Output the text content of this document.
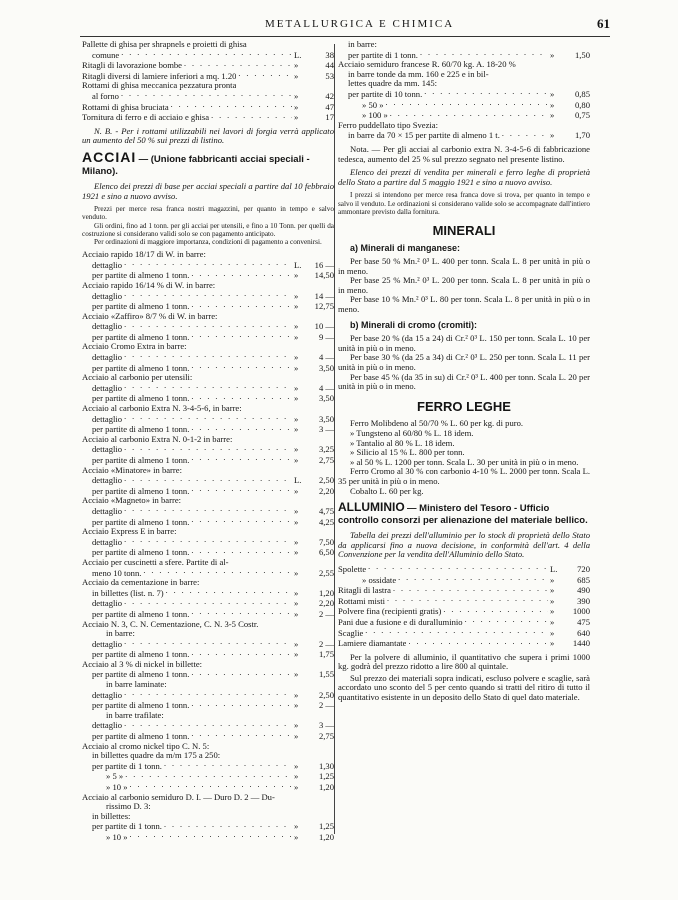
METALLURGICA E CHIMICA	61
Pallette di ghisa per shrapnels e proietti di ghisa
comune . . .	L.	38
Ritagli di lavorazione bombe . . .	»	44
Ritagli diversi di lamiere inferiori a mq. 1.20 . . .	»	53
Rottami di ghisa meccanica pezzatura pronta
al forno . . .	»	42
Rottami di ghisa bruciata . . .	»	47
Tornitura di ferro e di acciaio e ghisa . . .	»	17
N. B. - Per i rottami utilizzabili nei lavori di forgia verrà applicato un aumento del 50 % sui prezzi di listino.
ACCIAI — (Unione fabbricanti acciai speciali - Milano).
Elenco dei prezzi di base per acciai speciali a partire dal 10 febbraio 1921 e sino a nuovo avviso.
Prezzi per merce resa franca nostri magazzini, per quanto in tempo e salvo venduto.
Gli ordini, fino ad 1 tonn. per gli acciai per utensili, e fino a 10 Tonn. per quelli da costruzione si considerano validi solo se con pagamento anticipato.
Per ordinazioni di maggiore importanza, condizioni di pagamento a convenirsi.
Acciaio rapido 18/17 di W. in barre:
dettaglio . . .	L.	16 —
per partite di almeno 1 tonn. . . .	»	14,50
Acciaio rapido 16/14 % di W. in barre:
dettaglio . . .	»	14 —
per partite di almeno 1 tonn. . . .	»	12,75
Acciaio «Zaffiro» 8/7 % di W. in barre:
dettaglio . . .	»	10 —
per partite di almeno 1 tonn. . . .	»	9 —
Acciaio Cromo Extra in barre:
dettaglio . . .	»	4 —
per partite di almeno 1 tonn. . . .	»	3,50
Acciaio al carbonio per utensili:
dettaglio . . .	»	4 —
per partite di almeno 1 tonn. . . .	»	3,50
Acciaio al carbonio Extra N. 3-4-5-6, in barre:
dettaglio . . .	»	3,50
per partite di almeno 1 tonn. . . .	»	3 —
Acciaio al carbonio Extra N. 0-1-2 in barre:
dettaglio . . .	»	3,25
per partite di almeno 1 tonn. . . .	»	2,75
Acciaio «Minatore» in barre:
dettaglio . . .	L.	2,50
per partite di almeno 1 tonn. . . .	»	2,20
Acciaio «Magneto» in barre:
dettaglio . . .	»	4,75
per partite di almeno 1 tonn. . . .	»	4,25
Acciaio Express E in barre:
dettaglio . . .	»	7,50
per partite di almeno 1 tonn. . . .	»	6,50
Acciaio per cuscinetti a sfere. Partite di al-
meno 10 tonn. . . .	»	2,55
Acciaio da cementazione in barre:
in billettes (list. n. 7) . . .	»	1,20
dettaglio . . .	»	2,20
per partite di almeno 1 tonn. . . .	»	2 —
Acciaio N. 3, C. N. Cementazione, C. N. 3-5 Costr.
in barre:
dettaglio . . .	»	2 —
per partite di almeno 1 tonn. . . .	»	1,75
Acciaio al 3 % di nickel in billette:
per partite di almeno 1 tonn. . . .	»	1,55
in barre laminate:
dettaglio . . .	»	2,50
per partite di almeno 1 tonn. . . .	»	2 —
in barre trafilate:
dettaglio . . .	»	3 —
per partite di almeno 1 tonn. . . .	»	2,75
Acciaio al cromo nickel tipo C. N. 5:
in billettes quadre da m/m 175 a 250:
per partite di 1 tonn. . . .	»	1,30
» 5 » . . .	»	1,25
» 10 » . . .	»	1,20
Acciaio al carbonio semiduro D. I. — Duro D. 2 — Du-
rissimo D. 3:
in billettes:
per partite di 1 tonn. . . .	»	1,25
» 10 » . . .	»	1,20
in barre:
per partite di 1 tonn. . . .	»	1,50
Acciaio semiduro francese R. 60/70 kg. A. 18-20 %
in barre tonde da mm. 160 e 225 e in bil-
lettes quadre da mm. 145:
per partite di 10 tonn. . . .	»	0,85
» 50 » . . .	»	0,80
» 100 » . . .	»	0,75
Ferro puddellato tipo Svezia:
in barre da 70 × 15 per partite di almeno 1 t. . . .	»	1,70
Nota. — Per gli acciai al carbonio extra N. 3-4-5-6 di fabbricazione tedesca, aumento del 25 % sul prezzo segnato nel presente listino.
Elenco dei prezzi di vendita per minerali e ferro leghe di proprietà dello Stato a partire dal 5 maggio 1921 e sino a nuovo avviso.
I prezzi si intendono per merce resa franca dove si trova, per quanto in tempo e salvo il venduto. Le ordinazioni si considerano valide solo se accompagnate dall'intiero ammontare previsto dalla fornitura.
MINERALI
a) Minerali di manganese:
Per base 50 % Mn.² 0³ L. 400 per tonn. Scala L. 8 per unità in più o in meno.
Per base 25 % Mn.² 0³ L. 200 per tonn. Scala L. 8 per unità in più o in meno.
Per base 10 % Mn.² 0³ L. 80 per tonn. Scala L. 8 per unità in più o in meno.
b) Minerali di cromo (cromiti):
Per base 20 % (da 15 a 24) di Cr.² 0³ L. 150 per tonn. Scala L. 10 per unità in più o in meno.
Per base 30 % (da 25 a 34) di Cr.² 0³ L. 250 per tonn. Scala L. 11 per unità in più o in meno.
Per base 45 % (da 35 in su) di Cr.² 0³ L. 400 per tonn. Scala L. 20 per unità in più o in meno.
FERRO LEGHE
Ferro Molibdeno al 50/70 % L. 60 per kg. di puro.
» Tungsteno al 60/80 % L. 18 idem.
» Tantalio al 80 % L. 18 idem.
» Silicio al 15 % L. 800 per tonn.
» al 50 % L. 1200 per tonn. Scala L. 30 per unità in più o in meno.
Ferro Cromo al 30 % con carbonio 4-10 % L. 2000 per tonn. Scala L. 35 per unità in più o in meno.
Cobalto L. 60 per kg.
ALLUMINIO — Ministero del Tesoro - Ufficio controllo consorzi per alienazione del materiale bellico.
Tabella dei prezzi dell'alluminio per lo stock di proprietà dello Stato da applicarsi fino a nuova decisione, in conformità dell'art. 4 della Convenzione per la vendita dell'Alluminio dello Stato.
Spolette . . .	L.	720
» ossidate . . .	»	685
Ritagli di lastra . . .	»	490
Rottami misti . . .	»	390
Polvere fina (recipienti gratis) . . .	»	1000
Pani due a fusione e di duralluminio . . .	»	475
Scaglie . . .	»	640
Lamiere diamantate . . .	»	1440
Per la polvere di alluminio, il quantitativo che supera i primi 1000 kg. godrà del prezzo ridotto a lire 800 al quintale.
Sul prezzo dei materiali sopra indicati, escluso polvere e scaglie, sarà accordato uno sconto del 5 per cento quando si tratti del ritiro di tutto il quantitativo esistente in un deposito dello Stato di quel dato materiale.
